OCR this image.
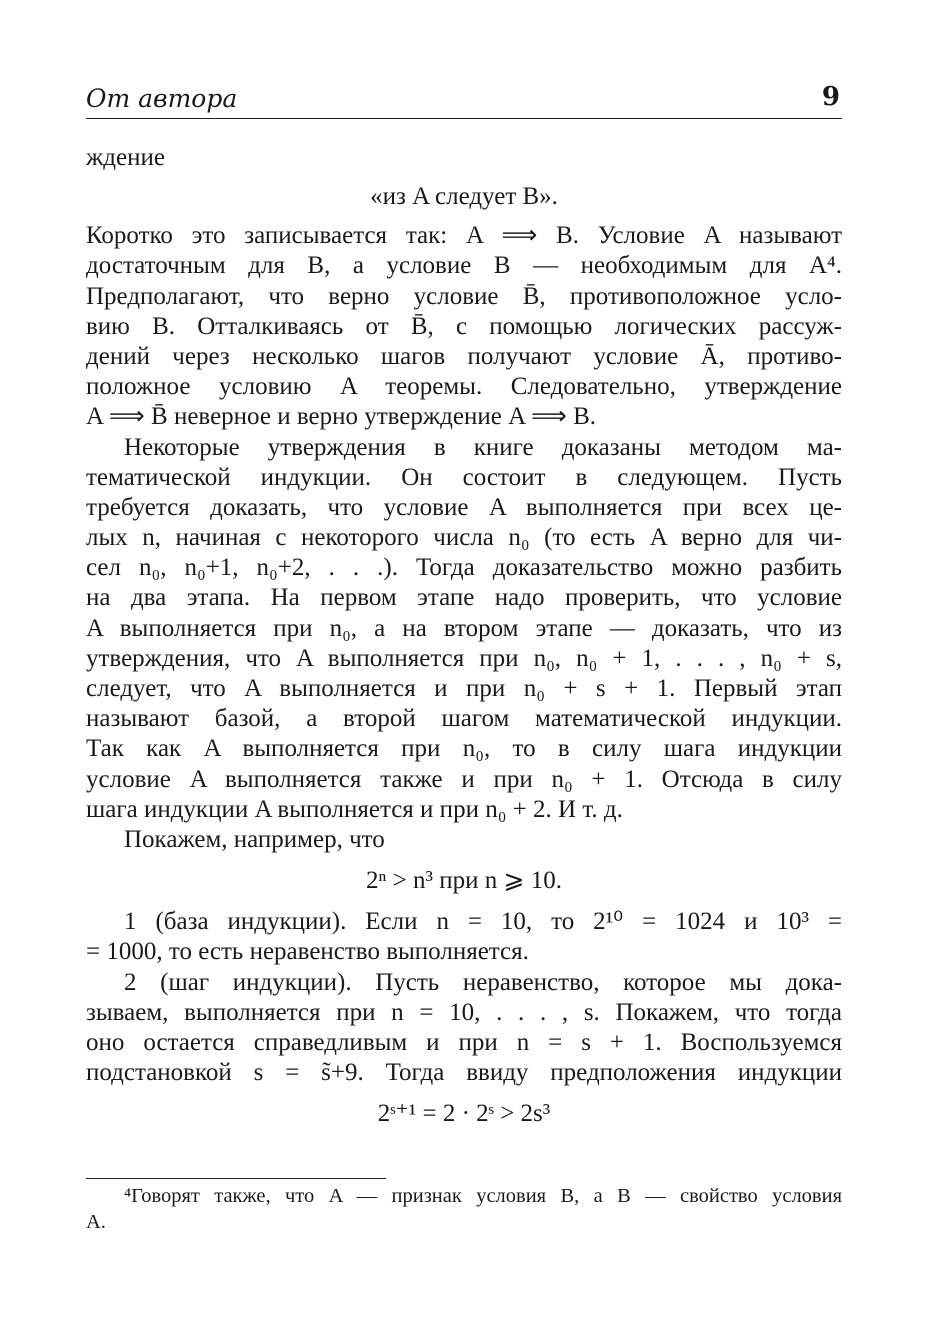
От автора	9
ждение
«из A следует B».
Коротко это записывается так: A ⟹ B. Условие A называют
достаточным для B, а условие B — необходимым для A⁴.
Предполагают, что верно условие B̄, противоположное усло-
вию B. Отталкиваясь от B̄, с помощью логических рассуж-
дений через несколько шагов получают условие Ā, противо-
положное условию A теоремы. Следовательно, утверждение
A ⟹ B̄ неверное и верно утверждение A ⟹ B.
Некоторые утверждения в книге доказаны методом ма-
тематической индукции. Он состоит в следующем. Пусть
требуется доказать, что условие A выполняется при всех це-
лых n, начиная с некоторого числа n₀ (то есть A верно для чи-
сел n₀, n₀+1, n₀+2, . . .). Тогда доказательство можно разбить
на два этапа. На первом этапе надо проверить, что условие
A выполняется при n₀, а на втором этапе — доказать, что из
утверждения, что A выполняется при n₀, n₀ + 1, . . . , n₀ + s,
следует, что A выполняется и при n₀ + s + 1. Первый этап
называют базой, а второй шагом математической индукции.
Так как A выполняется при n₀, то в силу шага индукции
условие A выполняется также и при n₀ + 1. Отсюда в силу
шага индукции A выполняется и при n₀ + 2. И т. д.
Покажем, например, что
2ⁿ > n³ при n ⩾ 10.
1 (база индукции). Если n = 10, то 2¹⁰ = 1024 и 10³ =
= 1000, то есть неравенство выполняется.
2 (шаг индукции). Пусть неравенство, которое мы дока-
зываем, выполняется при n = 10, . . . , s. Покажем, что тогда
оно остается справедливым и при n = s + 1. Воспользуемся
подстановкой s = s̃+9. Тогда ввиду предположения индукции
2ˢ⁺¹ = 2 · 2ˢ > 2s³
⁴Говорят также, что A — признак условия B, а B — свойство условия
A.
